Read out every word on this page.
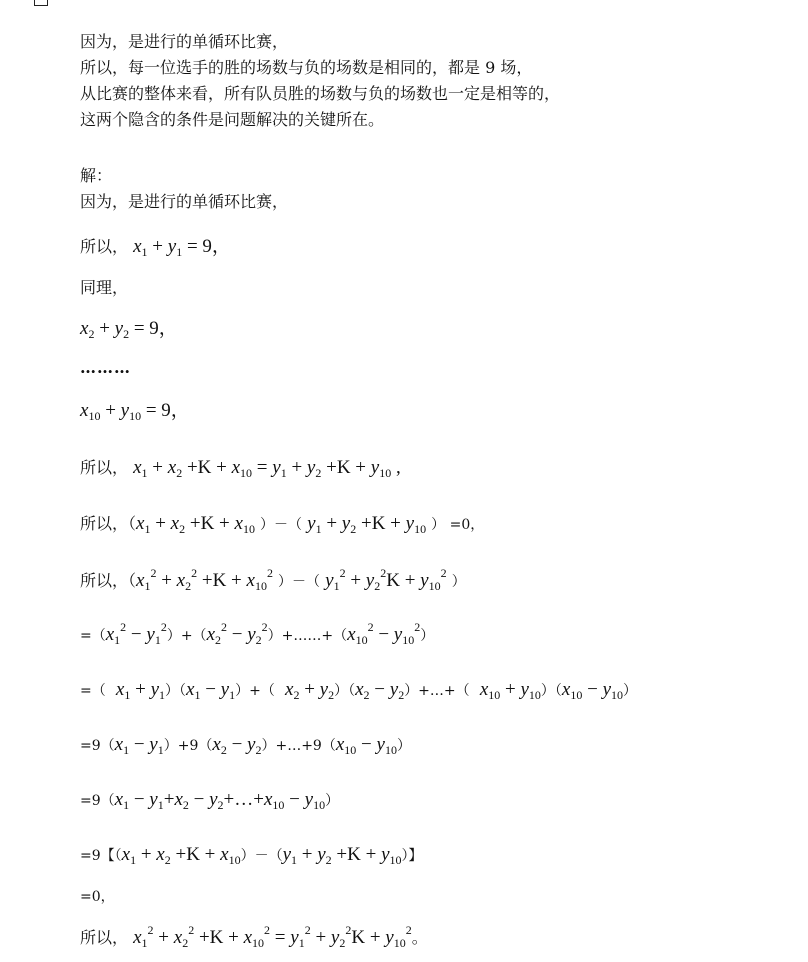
因为，是进行的单循环比赛，
所以，每一位选手的胜的场数与负的场数是相同的，都是 9 场，
从比赛的整体来看，所有队员胜的场数与负的场数也一定是相等的，
这两个隐含的条件是问题解决的关键所在。
解：
因为，是进行的单循环比赛，
所以， $x_1 + y_1 = 9$，
同理，
$x_2 + y_2 = 9$，
………
$x_{10} + y_{10} = 9$，
所以， $x_1 + x_2 +K + x_{10} = y_1 + y_2 +K + y_{10}$ ,
所以，（$x_1 + x_2 +K + x_{10}$ ）－（ $y_1 + y_2 +K + y_{10}$ ） =0，
所以，（$x_1^2 + x_2^2 +K + x_{10}^2$ ）－（ $y_1^2 + y_2^2K + y_{10}^2$ ）
$=(x_1^2 - y_1^2)+(x_2^2$ − $y_2^2)+\dots\dots+(x_{10}^2 - y_{10}^2)$
=（ $x_1 + y_1)(x_1 - y_1)+$（ $x_2 + y_2)(x_2$ − $y_2)+\dots+$（ $x_{10} + y_{10})(x_{10} - y_{10})$
$=9(x_1 - y_1)+9(x_2$ − $y_2)+\dots+9(x_{10} - y_{10})$
$=9(x_1 - y_1+x_2$ − $y_2+\dots+x_{10} - y_{10}$）
=9【$(x_1 + x_2 +K + x_{10})-(y_1 + y_2 +K + y_{10})$】
=0，
所以， $x_1^2 + x_2^2 +K + x_{10}^2 = y_1^2 + y_2^2K + y_{10}^2$。
